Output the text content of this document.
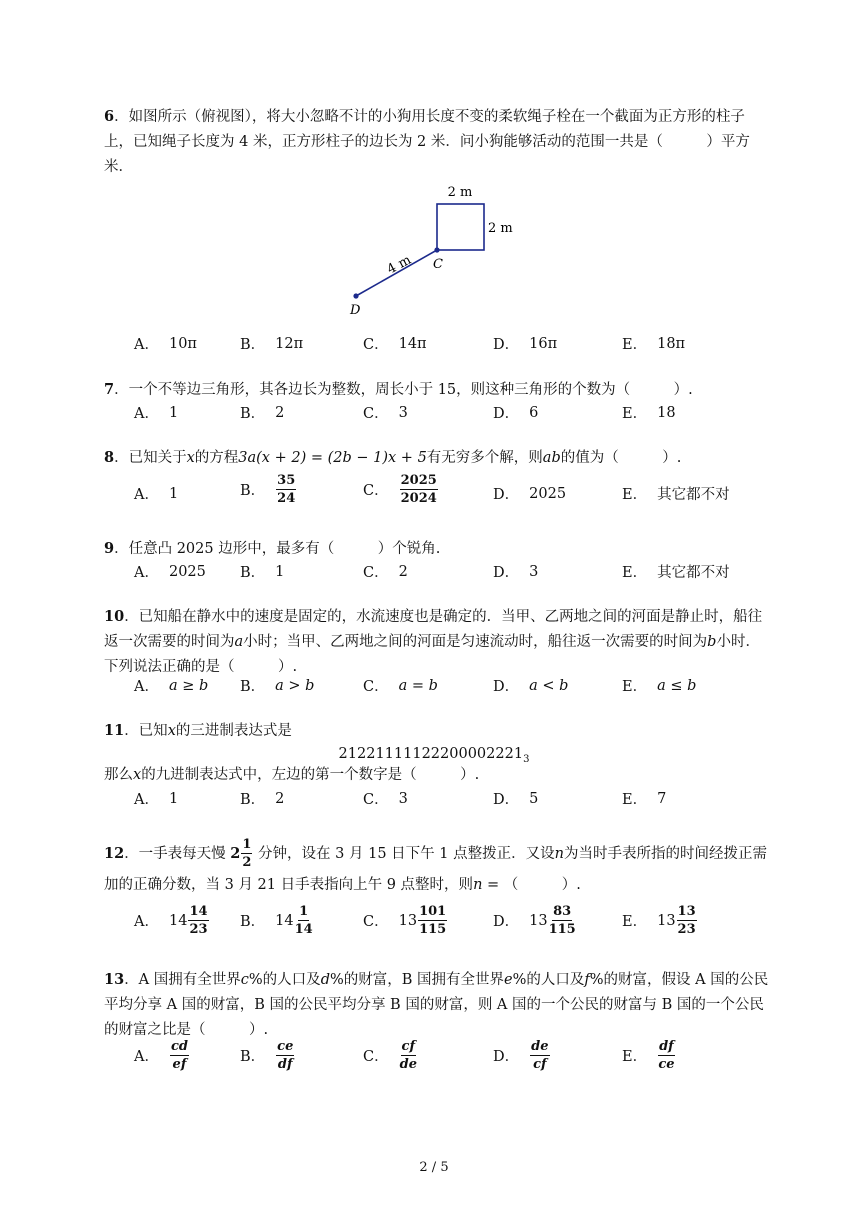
6．如图所示（俯视图），将大小忽略不计的小狗用长度不变的柔软绳子栓在一个截面为正方形的柱子上，已知绳子长度为 4 米，正方形柱子的边长为 2 米．问小狗能够活动的范围一共是（　　　）平方米．
2 m
2 m
4 m C
D
A． 10π	B． 12π	C． 14π	D． 16π	E． 18π
7．一个不等边三角形，其各边长为整数，周长小于 15，则这种三角形的个数为（　　　）.
A． 1	B． 2	C． 3	D． 6	E． 18
8．已知关于x的方程3a(x + 2) = (2b − 1)x + 5有无穷多个解，则ab的值为（　　　）.
A． 1	B． $\frac{35}{24}$	C． $\frac{2025}{2024}$	D． 2025	E． 其它都不对
9．任意凸 2025 边形中，最多有（　　　）个锐角.
A． 2025 B． 1	C． 2	D． 3	E． 其它都不对
10．已知船在静水中的速度是固定的，水流速度也是确定的．当甲、乙两地之间的河面是静止时，船往返一次需要的时间为a小时；当甲、乙两地之间的河面是匀速流动时，船往返一次需要的时间为b小时．下列说法正确的是（　　　）.
A． a ≥ b B． a > b	C． a = b	D． a < b	E． a ≤ b
11．已知x的三进制表达式是
$21221111122200002221_3$
那么x的九进制表达式中，左边的第一个数字是（　　　）.
A． 1	B． 2	C． 3	D． 5	E． 7
12．一手表每天慢 $2 \frac{1}{2}$ 分钟，设在 3 月 15 日下午 1 点整拨正．又设n为当时手表所指的时间经拨正需加的正确分数，当 3 月 21 日手表指向上午 9 点整时，则n = （　　　）.
A． $14 \frac{14}{23}$ B． $14 \frac{1}{14}$	C． $13 \frac{101}{115}$	D． $13 \frac{83}{115}$	E． $13 \frac{13}{23}$
13．A 国拥有全世界c%的人口及d%的财富，B 国拥有全世界e%的人口及f%的财富，假设 A 国的公民平均分享 A 国的财富，B 国的公民平均分享 B 国的财富，则 A 国的一个公民的财富与 B 国的一个公民的财富之比是（　　　）.
A． $\frac{cd}{ef}$	B． $\frac{ce}{df}$	C． $\frac{cf}{de}$	D． $\frac{de}{cf}$	E． $\frac{df}{ce}$
2 / 5
